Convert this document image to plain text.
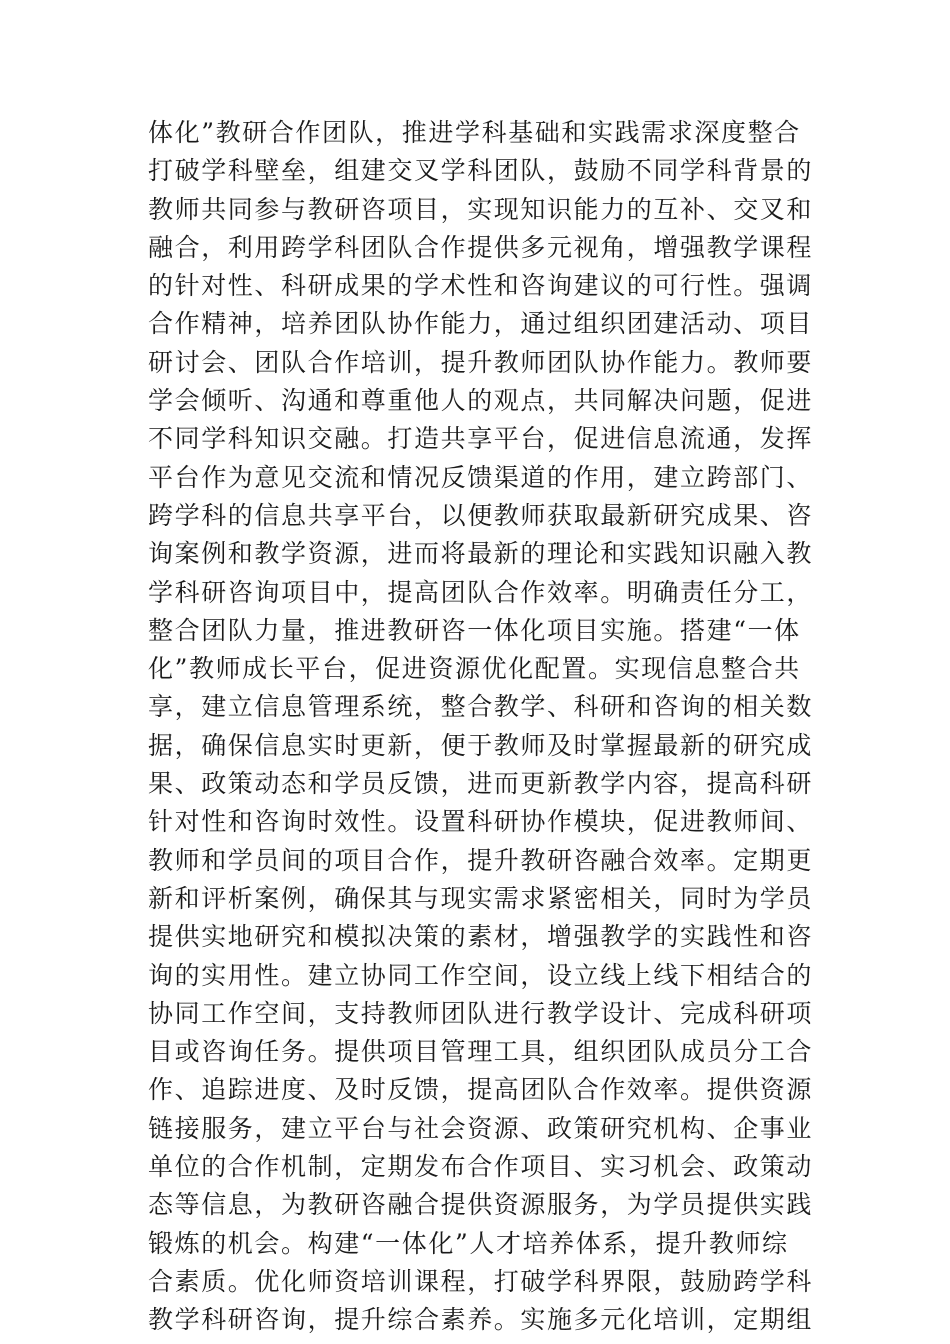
体化”教研合作团队，推进学科基础和实践需求深度整合
打破学科壁垒，组建交叉学科团队，鼓励不同学科背景的
教师共同参与教研咨项目，实现知识能力的互补、交叉和
融合，利用跨学科团队合作提供多元视角，增强教学课程
的针对性、科研成果的学术性和咨询建议的可行性。强调
合作精神，培养团队协作能力，通过组织团建活动、项目
研讨会、团队合作培训，提升教师团队协作能力。教师要
学会倾听、沟通和尊重他人的观点，共同解决问题，促进
不同学科知识交融。打造共享平台，促进信息流通，发挥
平台作为意见交流和情况反馈渠道的作用，建立跨部门、
跨学科的信息共享平台，以便教师获取最新研究成果、咨
询案例和教学资源，进而将最新的理论和实践知识融入教
学科研咨询项目中，提高团队合作效率。明确责任分工，
整合团队力量，推进教研咨一体化项目实施。搭建“一体
化”教师成长平台，促进资源优化配置。实现信息整合共
享，建立信息管理系统，整合教学、科研和咨询的相关数
据，确保信息实时更新，便于教师及时掌握最新的研究成
果、政策动态和学员反馈，进而更新教学内容，提高科研
针对性和咨询时效性。设置科研协作模块，促进教师间、
教师和学员间的项目合作，提升教研咨融合效率。定期更
新和评析案例，确保其与现实需求紧密相关，同时为学员
提供实地研究和模拟决策的素材，增强教学的实践性和咨
询的实用性。建立协同工作空间，设立线上线下相结合的
协同工作空间，支持教师团队进行教学设计、完成科研项
目或咨询任务。提供项目管理工具，组织团队成员分工合
作、追踪进度、及时反馈，提高团队合作效率。提供资源
链接服务，建立平台与社会资源、政策研究机构、企事业
单位的合作机制，定期发布合作项目、实习机会、政策动
态等信息，为教研咨融合提供资源服务，为学员提供实践
锻炼的机会。构建“一体化”人才培养体系，提升教师综
合素质。优化师资培训课程，打破学科界限，鼓励跨学科
教学科研咨询，提升综合素养。实施多元化培训，定期组
